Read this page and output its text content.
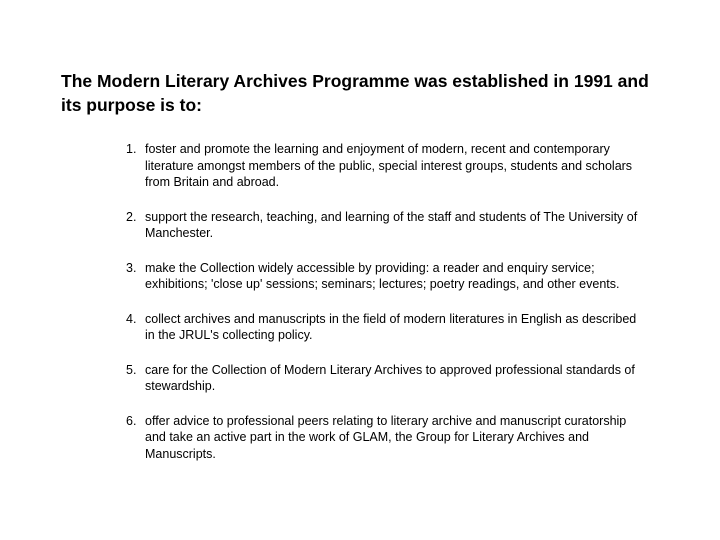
The Modern Literary Archives Programme was established in 1991 and its purpose is to:
1. foster and promote the learning and enjoyment of modern, recent and contemporary literature amongst members of the public, special interest groups, students and scholars from Britain and abroad.
2. support the research, teaching, and learning of the staff and students of The University of Manchester.
3. make the Collection widely accessible by providing: a reader and enquiry service; exhibitions; 'close up' sessions; seminars; lectures; poetry readings, and other events.
4. collect archives and manuscripts in the field of modern literatures in English as described in the JRUL's collecting policy.
5. care for the Collection of Modern Literary Archives to approved professional standards of stewardship.
6. offer advice to professional peers relating to literary archive and manuscript curatorship and take an active part in the work of GLAM, the Group for Literary Archives and Manuscripts.
